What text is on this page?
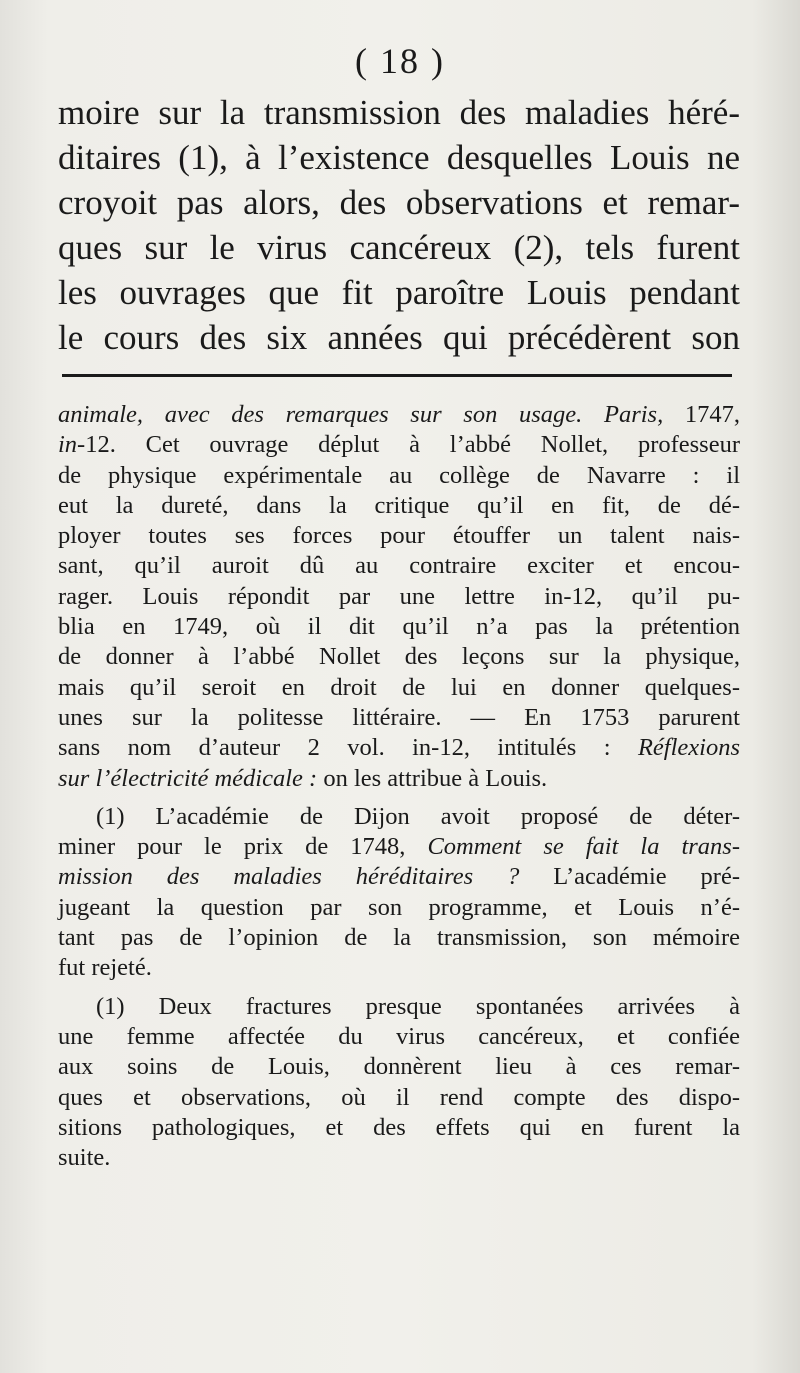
( 18 )
moire sur la transmission des maladies héré-
ditaires (1), à l’existence desquelles Louis ne
croyoit pas alors, des observations et remar-
ques sur le virus cancéreux (2), tels furent
les ouvrages que fit paroître Louis pendant
le cours des six années qui précédèrent son
animale, avec des remarques sur son usage. Paris, 1747,
in-12. Cet ouvrage déplut à l’abbé Nollet, professeur
de physique expérimentale au collège de Navarre : il
eut la dureté, dans la critique qu’il en fit, de dé-
ployer toutes ses forces pour étouffer un talent nais-
sant, qu’il auroit dû au contraire exciter et encou-
rager. Louis répondit par une lettre in-12, qu’il pu-
blia en 1749, où il dit qu’il n’a pas la prétention
de donner à l’abbé Nollet des leçons sur la physique,
mais qu’il seroit en droit de lui en donner quelques-
unes sur la politesse littéraire. — En 1753 parurent
sans nom d’auteur 2 vol. in-12, intitulés : Réflexions
sur l’électricité médicale : on les attribue à Louis.
(1) L’académie de Dijon avoit proposé de déter-
miner pour le prix de 1748, Comment se fait la trans-
mission des maladies héréditaires ? L’académie pré-
jugeant la question par son programme, et Louis n’é-
tant pas de l’opinion de la transmission, son mémoire
fut rejeté.
(1) Deux fractures presque spontanées arrivées à
une femme affectée du virus cancéreux, et confiée
aux soins de Louis, donnèrent lieu à ces remar-
ques et observations, où il rend compte des dispo-
sitions pathologiques, et des effets qui en furent la
suite.
